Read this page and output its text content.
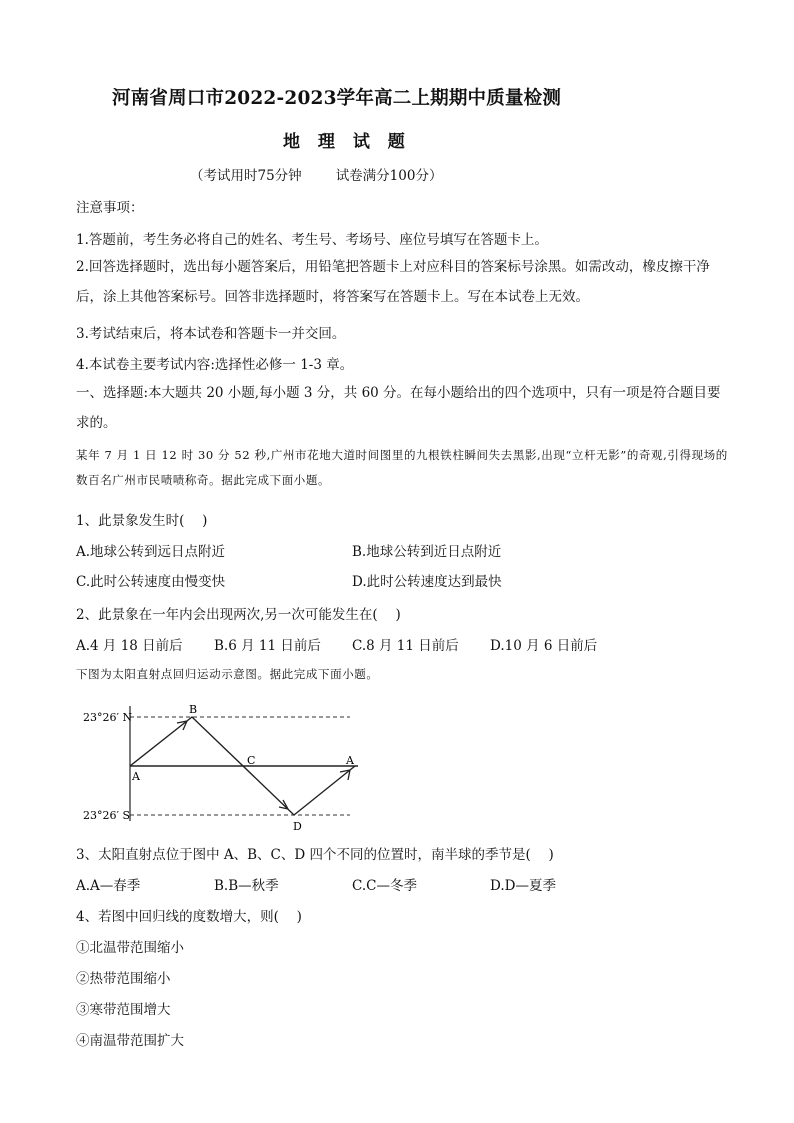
河南省周口市2022-2023学年高二上期期中质量检测
地 理 试 题
（考试用时75分钟	试卷满分100分）
注意事项：
1.答题前，考生务必将自己的姓名、考生号、考场号、座位号填写在答题卡上。
2.回答选择题时，选出每小题答案后，用铅笔把答题卡上对应科目的答案标号涂黑。如需改动，橡皮擦干净后，涂上其他答案标号。回答非选择题时，将答案写在答题卡上。写在本试卷上无效。
3.考试结束后，将本试卷和答题卡一并交回。
4.本试卷主要考试内容:选择性必修一 1-3 章。
一、选择题:本大题共 20 小题,每小题 3 分，共 60 分。在每小题给出的四个选项中，只有一项是符合题目要求的。
某年 7 月 1 日 12 时 30 分 52 秒,广州市花地大道时间图里的九根铁柱瞬间失去黑影,出现“立杆无影”的奇观,引得现场的数百名广州市民啧啧称奇。据此完成下面小题。
1、此景象发生时(　 )
A.地球公转到远日点附近	B.地球公转到近日点附近
C.此时公转速度由慢变快	D.此时公转速度达到最快
2、此景象在一年内会出现两次,另一次可能发生在(　 )
A.4 月 18 日前后 B.6 月 11 日前后 C.8 月 11 日前后 D.10 月 6 日前后
下图为太阳直射点回归运动示意图。据此完成下面小题。
23°26′ N
23°26′ S
A
B
C
D
A
3、太阳直射点位于图中 A、B、C、D 四个不同的位置时，南半球的季节是(　 )
A.A—春季	B.B—秋季	C.C—冬季	D.D—夏季
4、若图中回归线的度数增大，则(　 )
①北温带范围缩小
②热带范围缩小
③寒带范围增大
④南温带范围扩大
